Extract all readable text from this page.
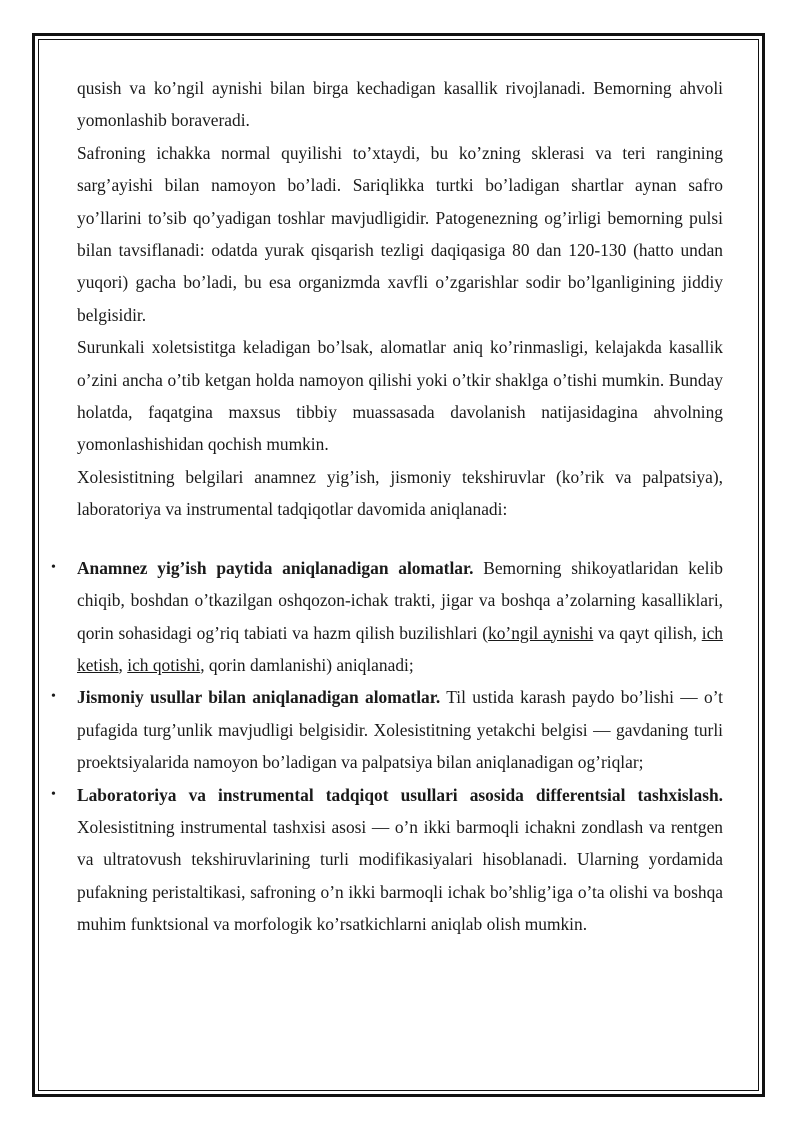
qusish va ko’ngil aynishi bilan birga kechadigan kasallik rivojlanadi. Bemorning ahvoli yomonlashib boraveradi.

Safroning ichakka normal quyilishi to’xtaydi, bu ko’zning sklerasi va teri rangining sarg’ayishi bilan namoyon bo’ladi. Sariqlikka turtki bo’ladigan shartlar aynan safro yo’llarini to’sib qo’yadigan toshlar mavjudligidir. Patogenezning og’irligi bemorning pulsi bilan tavsiflanadi: odatda yurak qisqarish tezligi daqiqasiga 80 dan 120-130 (hatto undan yuqori) gacha bo’ladi, bu esa organizmda xavfli o’zgarishlar sodir bo’lganligining jiddiy belgisidir.

Surunkali xoletsistitga keladigan bo’lsak, alomatlar aniq ko’rinmasligi, kelajakda kasallik o’zini ancha o’tib ketgan holda namoyon qilishi yoki o’tkir shaklga o’tishi mumkin. Bunday holatda, faqatgina maxsus tibbiy muassasada davolanish natijasidagina ahvolning yomonlashishidan qochish mumkin.

Xolesistitning belgilari anamnez yig’ish, jismoniy tekshiruvlar (ko’rik va palpatsiya), laboratoriya va instrumental tadqiqotlar davomida aniqlanadi:

• Anamnez yig’ish paytida aniqlanadigan alomatlar. Bemorning shikoyatlaridan kelib chiqib, boshdan o’tkazilgan oshqozon-ichak trakti, jigar va boshqa a’zolarning kasalliklari, qorin sohasidagi og’riq tabiati va hazm qilish buzilishlari (ko’ngil aynishi va qayt qilish, ich ketish, ich qotishi, qorin damlanishi) aniqlanadi;
• Jismoniy usullar bilan aniqlanadigan alomatlar. Til ustida karash paydo bo’lishi — o’t pufagida turg’unlik mavjudligi belgisidir. Xolesistitning yetakchi belgisi — gavdaning turli proektsiyalarida namoyon bo’ladigan va palpatsiya bilan aniqlanadigan og’riqlar;
• Laboratoriya va instrumental tadqiqot usullari asosida differentsial tashxislash. Xolesistitning instrumental tashxisi asosi — o’n ikki barmoqli ichakni zondlash va rentgen va ultratovush tekshiruvlarining turli modifikasiyalari hisoblanadi. Ularning yordamida pufakning peristaltikasi, safroning o’n ikki barmoqli ichak bo’shlig’iga o’ta olishi va boshqa muhim funktsional va morfologik ko’rsatkichlarni aniqlab olish mumkin.
